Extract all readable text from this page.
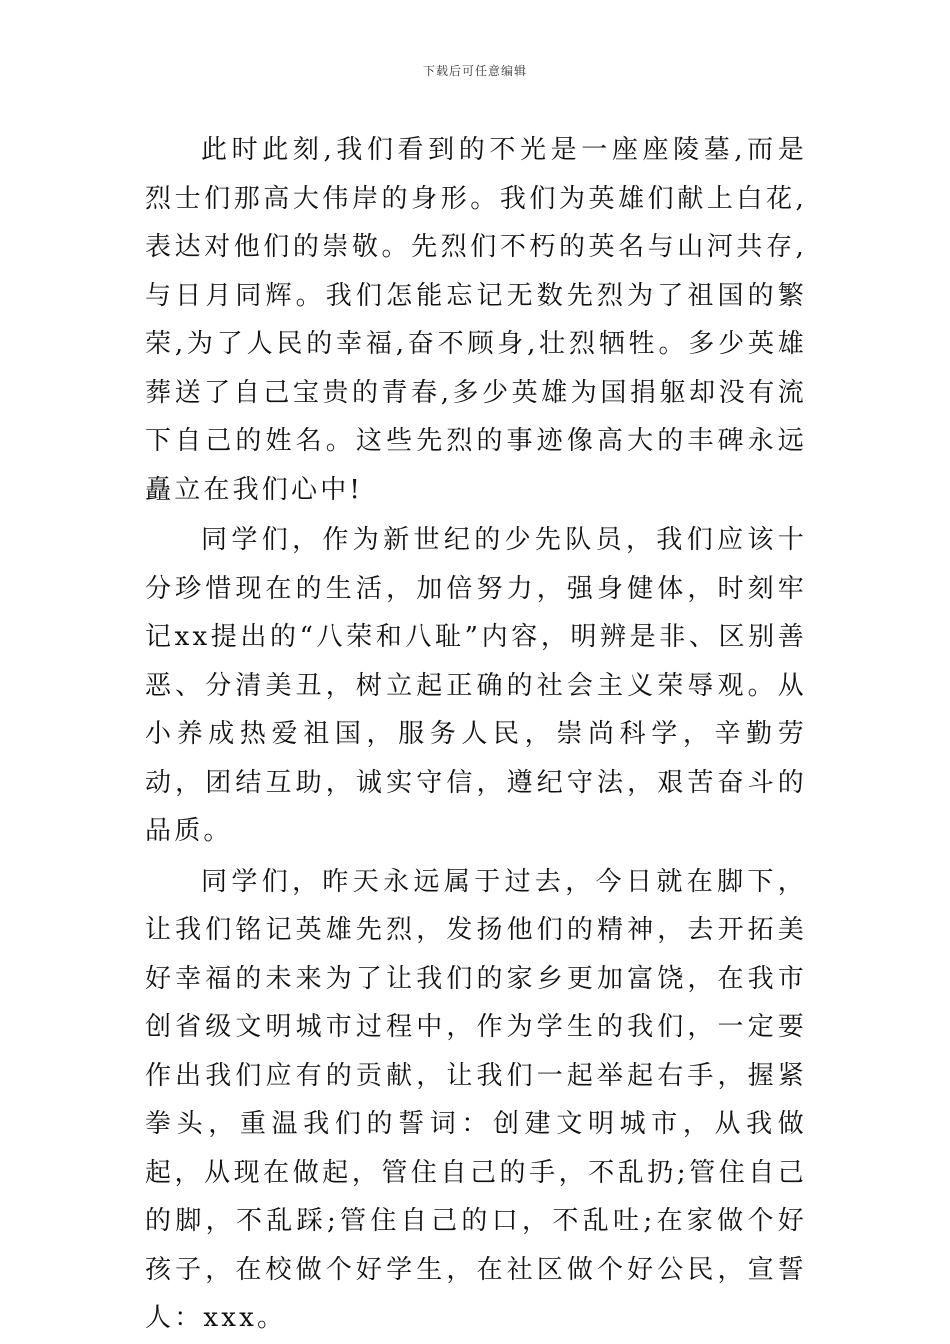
下载后可任意编辑

此时此刻,我们看到的不光是一座座陵墓,而是烈士们那高大伟岸的身形。我们为英雄们献上白花,表达对他们的崇敬。先烈们不朽的英名与山河共存,与日月同辉。我们怎能忘记无数先烈为了祖国的繁荣,为了人民的幸福,奋不顾身,壮烈牺牲。多少英雄葬送了自己宝贵的青春,多少英雄为国捐躯却没有流下自己的姓名。这些先烈的事迹像高大的丰碑永远矗立在我们心中!

同学们，作为新世纪的少先队员，我们应该十分珍惜现在的生活，加倍努力，强身健体，时刻牢记xx提出的“八荣和八耻”内容，明辨是非、区别善恶、分清美丑，树立起正确的社会主义荣辱观。从小养成热爱祖国，服务人民，崇尚科学，辛勤劳动，团结互助，诚实守信，遵纪守法，艰苦奋斗的品质。

同学们，昨天永远属于过去，今日就在脚下，让我们铭记英雄先烈，发扬他们的精神，去开拓美好幸福的未来为了让我们的家乡更加富饶，在我市创省级文明城市过程中，作为学生的我们，一定要作出我们应有的贡献，让我们一起举起右手，握紧拳头，重温我们的誓词：创建文明城市，从我做起，从现在做起，管住自己的手，不乱扔;管住自己的脚，不乱踩;管住自己的口，不乱吐;在家做个好孩子，在校做个好学生，在社区做个好公民，宣誓人：xxx。
